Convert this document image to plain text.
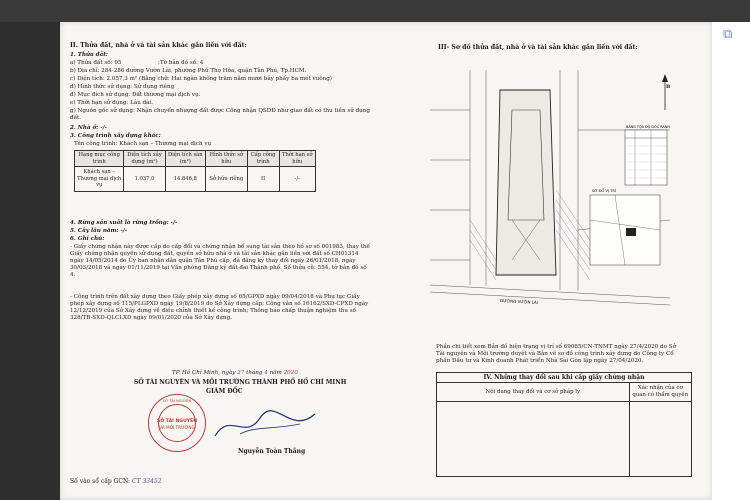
⧉
II. Thửa đất, nhà ở và tài sản khác gắn liền với đất:
1. Thửa đất:
a) Thửa đất số: 95	;Tờ bản đồ số: 4
b) Địa chỉ: 284-286 đường Vườn Lài, phường Phú Thọ Hòa, quận Tân Phú, Tp.HCM.
c) Diện tích: 2.057,3 m² (Bằng chữ: Hai ngàn không trăm năm mươi bảy phẩy ba mét vuông)
d) Hình thức sử dụng: Sử dụng riêng
đ) Mục đích sử dụng: Đất thương mại dịch vụ.
e) Thời hạn sử dụng: Lâu dài.
g) Nguồn gốc sử dụng: Nhận chuyển nhượng đất được Công nhận QSDĐ như giao đất có thu tiền sử dụng đất.
2. Nhà ở: -/-
3. Công trình xây dựng khác:
Tên công trình: Khách sạn – Thương mại dịch vụ
Hạng mục công trình	Diện tích xây dựng (m²)	Diện tích sàn (m²)	Hình thức sở hữu	Cấp công trình	Thời hạn sở hữu
Khách sạn – Thương mại dịch vụ	1.037,0	14.846,8	Sở hữu riêng	II	-/-
4. Rừng sản xuất là rừng trồng: -/-
5. Cây lâu năm: -/-
6. Ghi chú:
- Giấy chứng nhận này được cấp do cấp đổi và chứng nhận bổ sung tài sản theo hồ sơ số 001983, thay thế Giấy chứng nhận quyền sử dụng đất, quyền sở hữu nhà ở và tài sản khác gắn liền với đất số CH01314 ngày 14/05/2014 do Ủy ban nhân dân quận Tân Phú cấp, đã đăng ký thay đổi ngày 26/01/2018, ngày 30/03/2018 và ngày 01/11/2019 tại Văn phòng Đăng ký đất đai Thành phố. Số thửa cũ: 554, tờ bản đồ số 4.
- Công trình trên đất xây dựng theo Giấy phép xây dựng số 65/GPXD ngày 09/04/2018 và Phụ lục Giấy phép xây dựng số 115/PLGPXD ngày 19/8/2019 do Sở Xây dựng cấp; Công văn số 16162/SXD-CPXD ngày 12/12/2019 của Sở Xây dựng về điều chỉnh thiết kế công trình; Thông báo chấp thuận nghiệm thu số 328/TB-SXD-QLCLXD ngày 09/01/2020 của Sở Xây dựng.
TP. Hồ Chí Minh, ngày 27 tháng 4 năm 2020
SỞ TÀI NGUYÊN VÀ MÔI TRƯỜNG THÀNH PHỐ HỒ CHÍ MINH
GIÁM ĐỐC
SỞ TÀI NGUYÊN
SỞ TÀI NGUYÊN
VÀ MÔI TRƯỜNG
Nguyễn Toàn Thắng
Số vào sổ cấp GCN: CT 33452
III- Sơ đồ thửa đất, nhà ở và tài sản khác gắn liền với đất:
BẢNG TỌA ĐỘ GÓC RANH
SƠ ĐỒ VỊ TRÍ
ĐƯỜNG VƯỜN LÀI
B
Phần chi tiết xem Bản đồ hiện trạng vị trí số 69085/CN-TNMT ngày 27/4/2020 do Sở Tài nguyên và Môi trường duyệt và Bản vẽ sơ đồ công trình xây dựng do Công ty Cổ phần Đầu tư và Kinh doanh Phát triển Nhà Sài Gòn lập ngày 27/04/2020.
IV. Những thay đổi sau khi cấp giấy chứng nhận	
Nội dung thay đổi và cơ sở pháp lý	Xác nhận của cơ quan có thẩm quyền
